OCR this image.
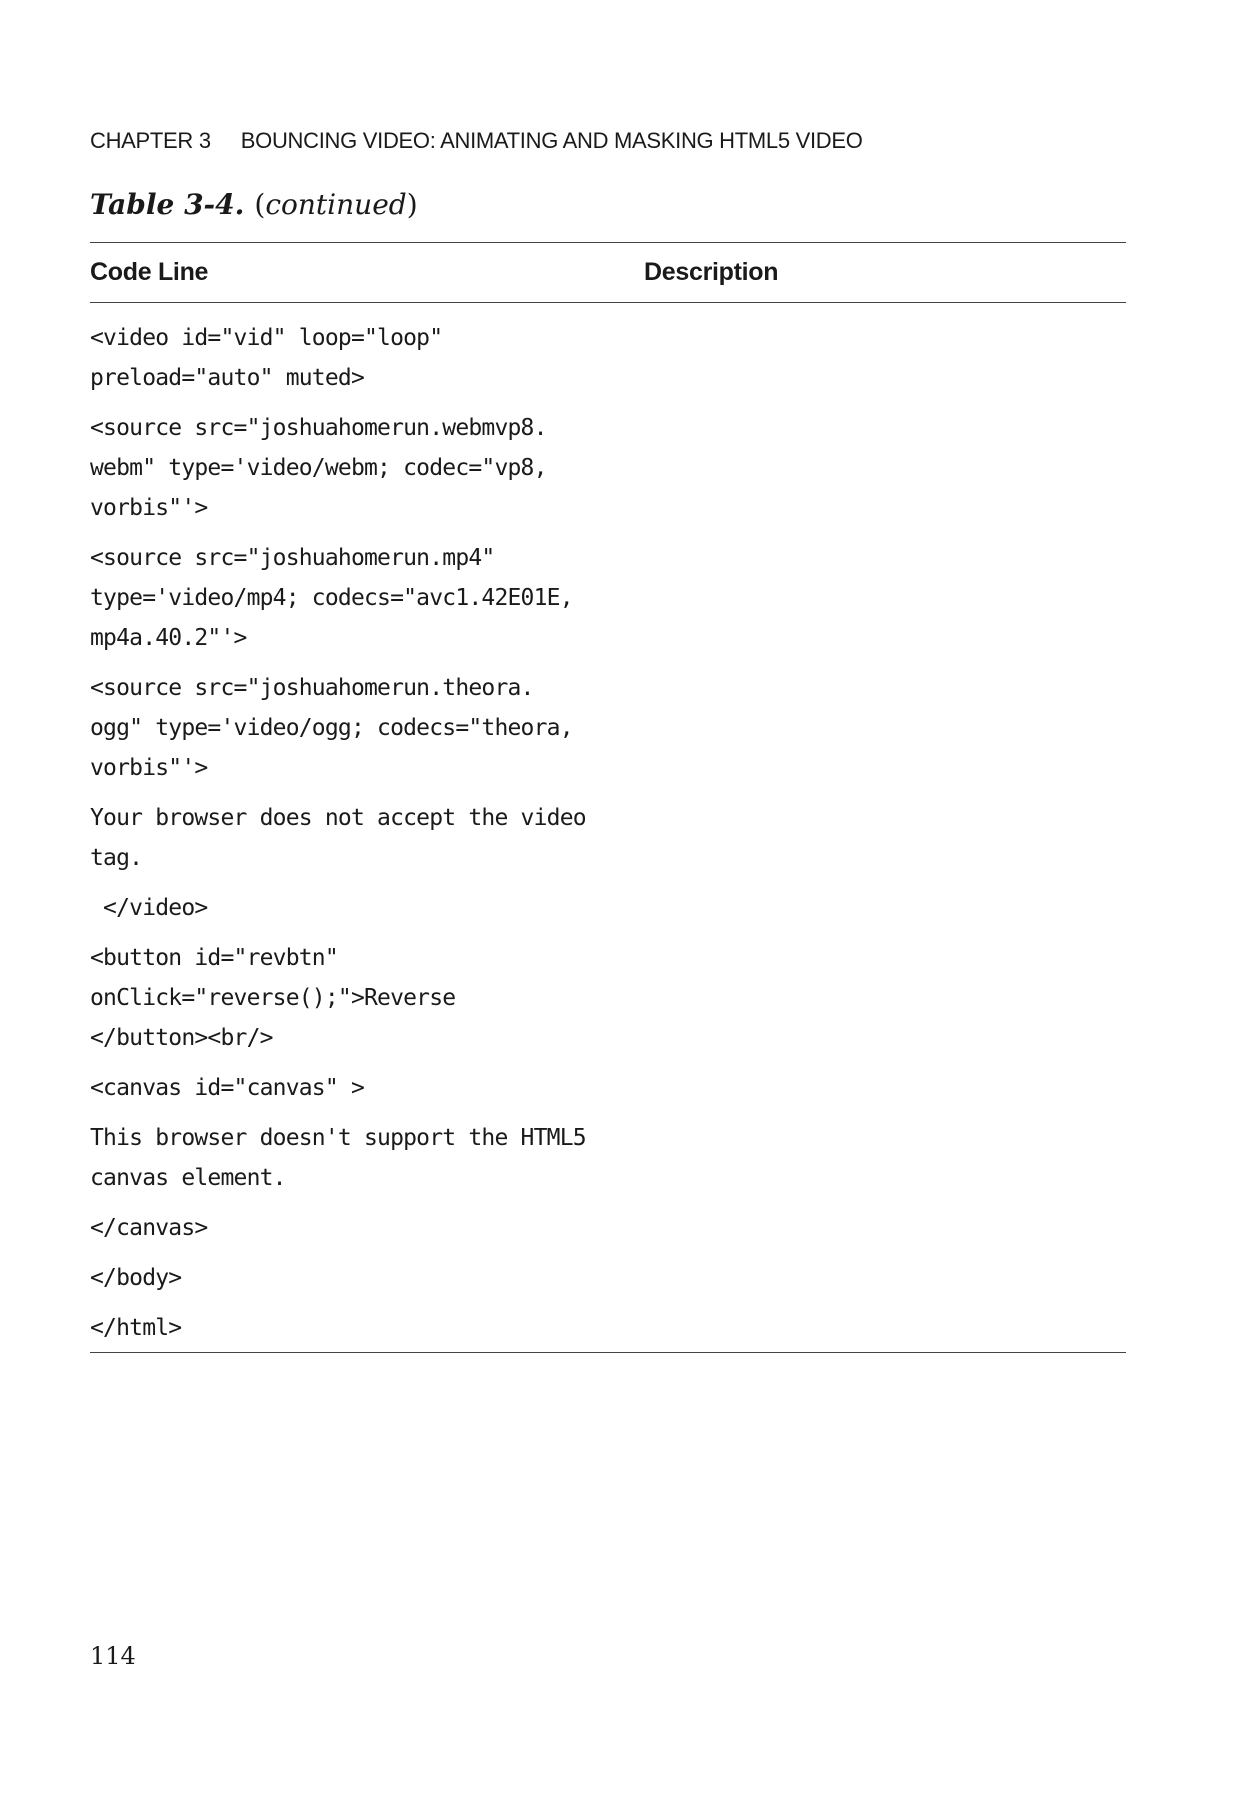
CHAPTER 3 BOUNCING VIDEO: ANIMATING AND MASKING HTML5 VIDEO
Table 3-4. (continued)
Code Line	Description
<video id="vid" loop="loop"
preload="auto" muted>
<source src="joshuahomerun.webmvp8.
webm" type='video/webm; codec="vp8,
vorbis"'>
<source src="joshuahomerun.mp4"
type='video/mp4; codecs="avc1.42E01E,
mp4a.40.2"'>
<source src="joshuahomerun.theora.
ogg" type='video/ogg; codecs="theora,
vorbis"'>
Your browser does not accept the video
tag.
</video>
<button id="revbtn"
onClick="reverse();">Reverse
</button><br/>
<canvas id="canvas" >
This browser doesn't support the HTML5
canvas element.
</canvas>
</body>
</html>
114
